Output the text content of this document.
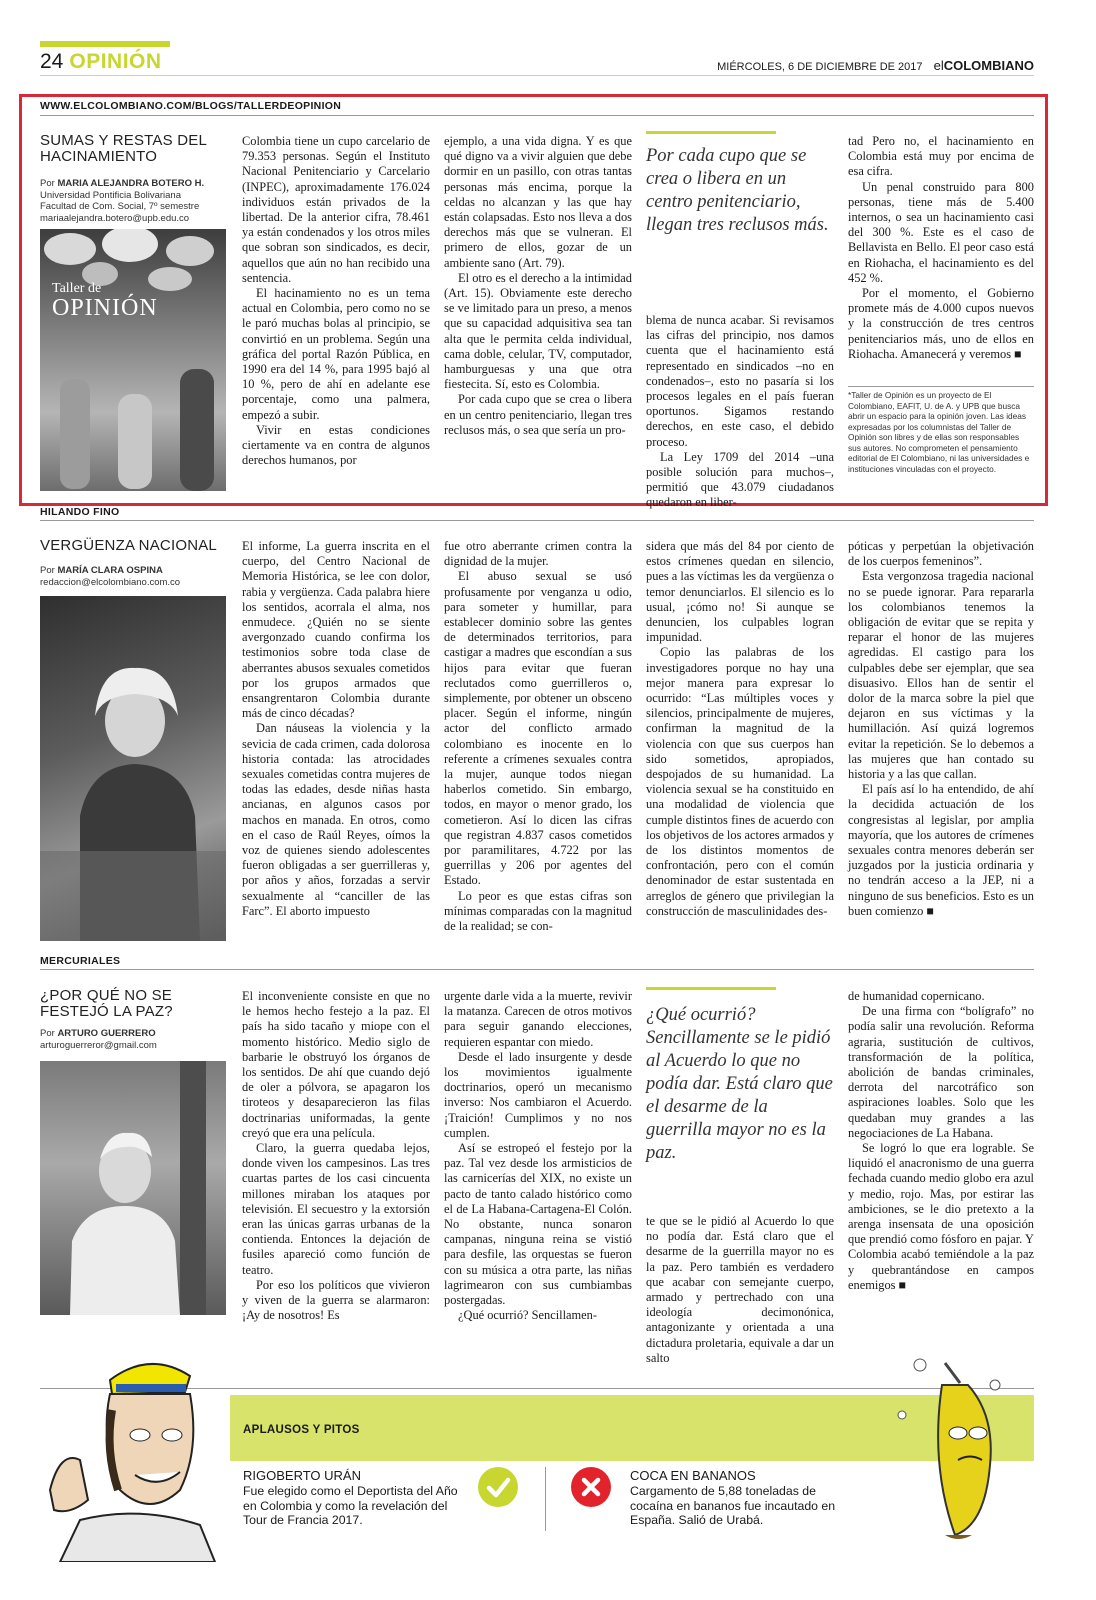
24 OPINIÓN	MIÉRCOLES, 6 DE DICIEMBRE DE 2017 elCOLOMBIANO
WWW.ELCOLOMBIANO.COM/BLOGS/TALLERDEOPINION
SUMAS Y RESTAS DEL HACINAMIENTO
Por MARIA ALEJANDRA BOTERO H.
Universidad Pontificia Bolivariana
Facultad de Com. Social, 7º semestre
mariaalejandra.botero@upb.edu.co
Taller de
OPINIÓN

Colombia tiene un cupo carcelario de 79.353 personas. Según el Instituto Nacional Penitenciario y Carcelario (INPEC), aproximadamente 176.024 individuos están privados de la libertad. De la anterior cifra, 78.461 ya están condenados y los otros miles que sobran son sindicados, es decir, aquellos que aún no han recibido una sentencia.

El hacinamiento no es un tema actual en Colombia, pero como no se le paró muchas bolas al principio, se convirtió en un problema. Según una gráfica del portal Razón Pública, en 1990 era del 14 %, para 1995 bajó al 10 %, pero de ahí en adelante ese porcentaje, como una palmera, empezó a subir.

Vivir en estas condiciones ciertamente va en contra de algunos derechos humanos, por

ejemplo, a una vida digna. Y es que qué digno va a vivir alguien que debe dormir en un pasillo, con otras tantas personas más encima, porque la celdas no alcanzan y las que hay están colapsadas. Esto nos lleva a dos derechos más que se vulneran. El primero de ellos, gozar de un ambiente sano (Art. 79).

El otro es el derecho a la intimidad (Art. 15). Obviamente este derecho se ve limitado para un preso, a menos que su capacidad adquisitiva sea tan alta que le permita celda individual, cama doble, celular, TV, computador, hamburguesas y una que otra fiestecita. Sí, esto es Colombia.

Por cada cupo que se crea o libera en un centro penitenciario, llegan tres reclusos más, o sea que sería un pro-

Por cada cupo que se crea o libera en un centro penitenciario, llegan tres reclusos más.

blema de nunca acabar. Si revisamos las cifras del principio, nos damos cuenta que el hacinamiento está representado en sindicados –no en condenados–, esto no pasaría si los procesos legales en el país fueran oportunos. Sigamos restando derechos, en este caso, el debido proceso.

La Ley 1709 del 2014 –una posible solución para muchos–, permitió que 43.079 ciudadanos quedaron en liber-

tad Pero no, el hacinamiento en Colombia está muy por encima de esa cifra.

Un penal construido para 800 personas, tiene más de 5.400 internos, o sea un hacinamiento casi del 300 %. Este es el caso de Bellavista en Bello. El peor caso está en Riohacha, el hacinamiento es del 452 %.

Por el momento, el Gobierno promete más de 4.000 cupos nuevos y la construcción de tres centros penitenciarios más, uno de ellos en Riohacha. Amanecerá y veremos ■

*Taller de Opinión es un proyecto de El Colombiano, EAFIT, U. de A. y UPB que busca abrir un espacio para la opinión joven. Las ideas expresadas por los columnistas del Taller de Opinión son libres y de ellas son responsables sus autores. No comprometen el pensamiento editorial de El Colombiano, ni las universidades e instituciones vinculadas con el proyecto.
HILANDO FINO
VERGÜENZA NACIONAL
Por MARÍA CLARA OSPINA
redaccion@elcolombiano.com.co

El informe, La guerra inscrita en el cuerpo, del Centro Nacional de Memoria Histórica, se lee con dolor, rabia y vergüenza. Cada palabra hiere los sentidos, acorrala el alma, nos enmudece. ¿Quién no se siente avergonzado cuando confirma los testimonios sobre toda clase de aberrantes abusos sexuales cometidos por los grupos armados que ensangrentaron Colombia durante más de cinco décadas?

Dan náuseas la violencia y la sevicia de cada crimen, cada dolorosa historia contada: las atrocidades sexuales cometidas contra mujeres de todas las edades, desde niñas hasta ancianas, en algunos casos por machos en manada. En otros, como en el caso de Raúl Reyes, oímos la voz de quienes siendo adolescentes fueron obligadas a ser guerrilleras y, por años y años, forzadas a servir sexualmente al “canciller de las Farc”. El aborto impuesto

fue otro aberrante crimen contra la dignidad de la mujer.

El abuso sexual se usó profusamente por venganza u odio, para someter y humillar, para establecer dominio sobre las gentes de determinados territorios, para castigar a madres que escondían a sus hijos para evitar que fueran reclutados como guerrilleros o, simplemente, por obtener un obsceno placer. Según el informe, ningún actor del conflicto armado colombiano es inocente en lo referente a crímenes sexuales contra la mujer, aunque todos niegan haberlos cometido. Sin embargo, todos, en mayor o menor grado, los cometieron. Así lo dicen las cifras que registran 4.837 casos cometidos por paramilitares, 4.722 por las guerrillas y 206 por agentes del Estado.

Lo peor es que estas cifras son mínimas comparadas con la magnitud de la realidad; se con-

sidera que más del 84 por ciento de estos crímenes quedan en silencio, pues a las víctimas les da vergüenza o temor denunciarlos. El silencio es lo usual, ¡cómo no! Si aunque se denuncien, los culpables logran impunidad.

Copio las palabras de los investigadores porque no hay una mejor manera para expresar lo ocurrido: “Las múltiples voces y silencios, principalmente de mujeres, confirman la magnitud de la violencia con que sus cuerpos han sido sometidos, apropiados, despojados de su humanidad. La violencia sexual se ha constituido en una modalidad de violencia que cumple distintos fines de acuerdo con los objetivos de los actores armados y de los distintos momentos de confrontación, pero con el común denominador de estar sustentada en arreglos de género que privilegian la construcción de masculinidades des-

póticas y perpetúan la objetivación de los cuerpos femeninos”.

Esta vergonzosa tragedia nacional no se puede ignorar. Para repararla los colombianos tenemos la obligación de evitar que se repita y reparar el honor de las mujeres agredidas. El castigo para los culpables debe ser ejemplar, que sea disuasivo. Ellos han de sentir el dolor de la marca sobre la piel que dejaron en sus víctimas y la humillación. Así quizá logremos evitar la repetición. Se lo debemos a las mujeres que han contado su historia y a las que callan.

El país así lo ha entendido, de ahí la decidida actuación de los congresistas al legislar, por amplia mayoría, que los autores de crímenes sexuales contra menores deberán ser juzgados por la justicia ordinaria y no tendrán acceso a la JEP, ni a ninguno de sus beneficios. Esto es un buen comienzo ■

MERCURIALES
¿POR QUÉ NO SE FESTEJÓ LA PAZ?
Por ARTURO GUERRERO
arturoguerreror@gmail.com

El inconveniente consiste en que no le hemos hecho festejo a la paz. El país ha sido tacaño y miope con el momento histórico. Medio siglo de barbarie le obstruyó los órganos de los sentidos. De ahí que cuando dejó de oler a pólvora, se apagaron los tiroteos y desaparecieron las filas doctrinarias uniformadas, la gente creyó que era una película.

Claro, la guerra quedaba lejos, donde viven los campesinos. Las tres cuartas partes de los casi cincuenta millones miraban los ataques por televisión. El secuestro y la extorsión eran las únicas garras urbanas de la contienda. Entonces la dejación de fusiles apareció como función de teatro.

Por eso los políticos que vivieron y viven de la guerra se alarmaron: ¡Ay de nosotros! Es

urgente darle vida a la muerte, revivir la matanza. Carecen de otros motivos para seguir ganando elecciones, requieren espantar con miedo.

Desde el lado insurgente y desde los movimientos igualmente doctrinarios, operó un mecanismo inverso: Nos cambiaron el Acuerdo. ¡Traición! Cumplimos y no nos cumplen.

Así se estropeó el festejo por la paz. Tal vez desde los armisticios de las carnicerías del XIX, no existe un pacto de tanto calado histórico como el de La Habana-Cartagena-El Colón. No obstante, nunca sonaron campanas, ninguna reina se vistió para desfile, las orquestas se fueron con su música a otra parte, las niñas lagrimearon con sus cumbiambas postergadas.

¿Qué ocurrió? Sencillamen-

¿Qué ocurrió? Sencillamente se le pidió al Acuerdo lo que no podía dar. Está claro que el desarme de la guerrilla mayor no es la paz.

te que se le pidió al Acuerdo lo que no podía dar. Está claro que el desarme de la guerrilla mayor no es la paz. Pero también es verdadero que acabar con semejante cuerpo, armado y pertrechado con una ideología decimonónica, antagonizante y orientada a una dictadura proletaria, equivale a dar un salto

de humanidad copernicano.

De una firma con “bolígrafo” no podía salir una revolución. Reforma agraria, sustitución de cultivos, transformación de la política, abolición de bandas criminales, derrota del narcotráfico son aspiraciones loables. Solo que les quedaban muy grandes a las negociaciones de La Habana.

Se logró lo que era lograble. Se liquidó el anacronismo de una guerra fechada cuando medio globo era azul y medio, rojo. Mas, por estirar las ambiciones, se le dio pretexto a la arenga insensata de una oposición que prendió como fósforo en pajar. Y Colombia acabó temiéndole a la paz y quebrantándose en campos enemigos ■

APLAUSOS Y PITOS
RIGOBERTO URÁN
Fue elegido como el Deportista del Año en Colombia y como la revelación del Tour de Francia 2017.
COCA EN BANANOS
Cargamento de 5,88 toneladas de cocaína en bananos fue incautado en España. Salió de Urabá.
